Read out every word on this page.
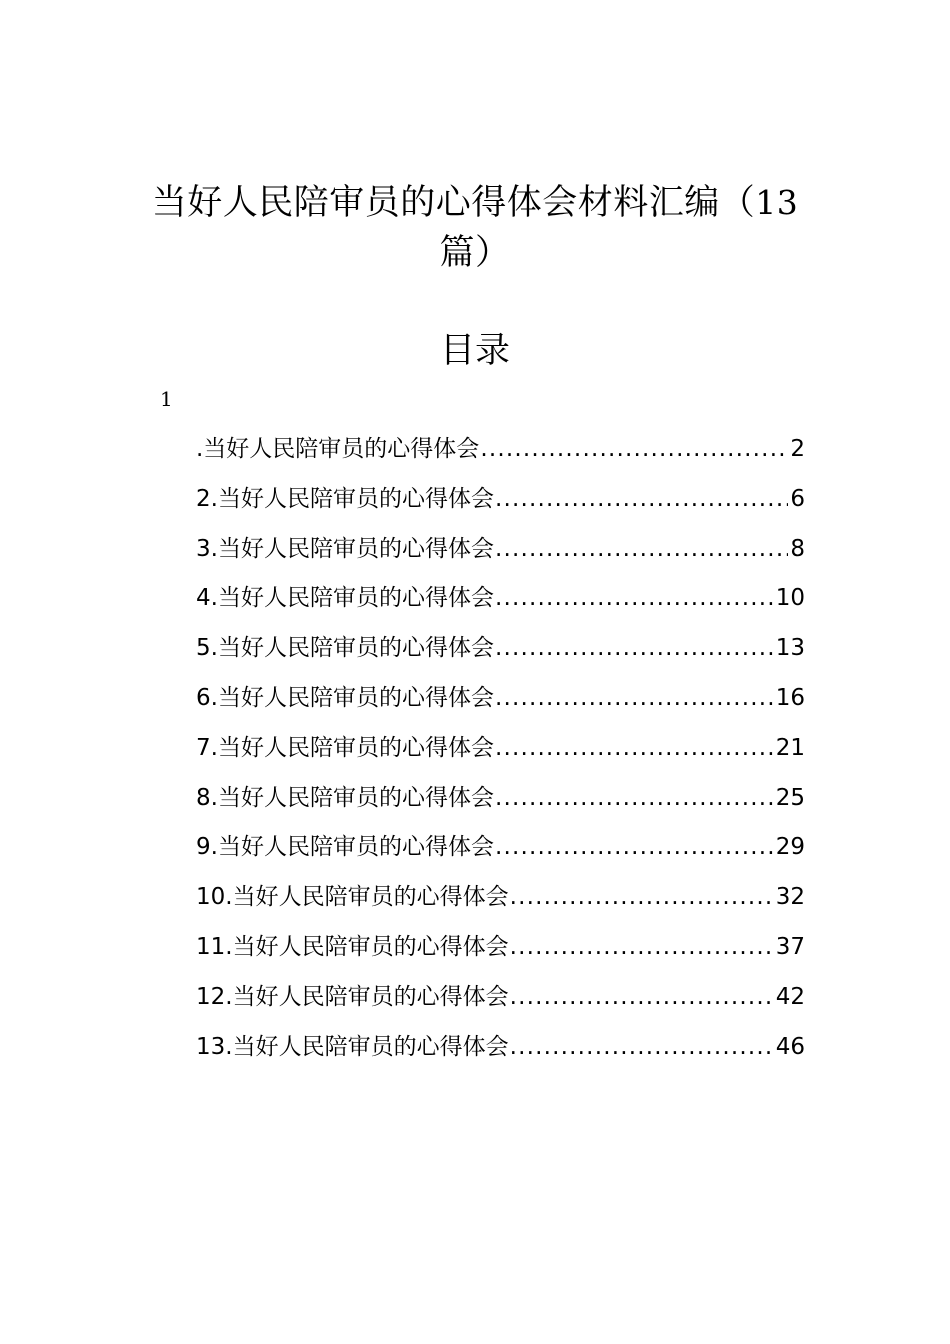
当好人民陪审员的心得体会材料汇编（13
篇）
目录
1
.当好人民陪审员的心得体会 .....	2
2.当好人民陪审员的心得体会 .....	6
3.当好人民陪审员的心得体会 .....	8
4.当好人民陪审员的心得体会 .....	10
5.当好人民陪审员的心得体会 .....	13
6.当好人民陪审员的心得体会 .....	16
7.当好人民陪审员的心得体会 .....	21
8.当好人民陪审员的心得体会 .....	25
9.当好人民陪审员的心得体会 .....	29
10.当好人民陪审员的心得体会 .....	32
11.当好人民陪审员的心得体会 .....	37
12.当好人民陪审员的心得体会 .....	42
13.当好人民陪审员的心得体会 .....	46
